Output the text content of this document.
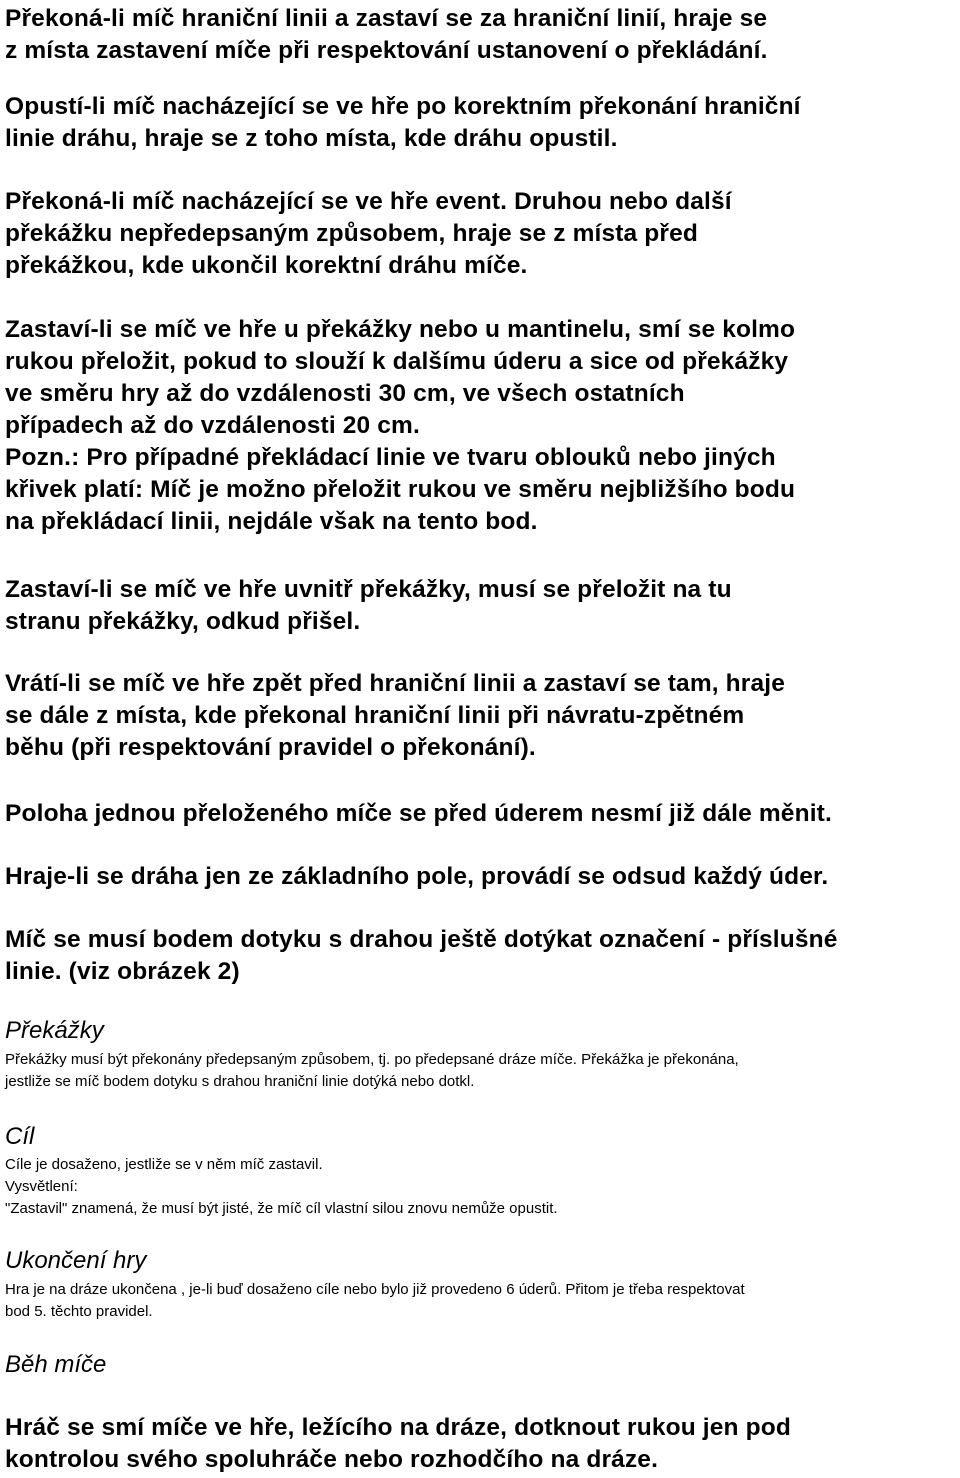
Překoná-li míč hraniční linii a zastaví se za hraniční linií, hraje se
z místa zastavení míče při respektování ustanovení o překládání.
Opustí-li míč nacházející se ve hře po korektním překonání hraniční
linie dráhu, hraje se z toho místa, kde dráhu opustil.
Překoná-li míč nacházející se ve hře event. Druhou nebo další
překážku nepředepsaným způsobem, hraje se z místa před
překážkou, kde ukončil korektní dráhu míče.
Zastaví-li se míč ve hře u překážky nebo u mantinelu, smí se kolmo
rukou přeložit, pokud to slouží k dalšímu úderu a sice od překážky
ve směru hry až do vzdálenosti 30 cm, ve všech ostatních
případech až do vzdálenosti 20 cm.
Pozn.: Pro případné překládací linie ve tvaru oblouků nebo jiných
křivek platí: Míč je možno přeložit rukou ve směru nejbližšího bodu
na překládací linii, nejdále však na tento bod.
Zastaví-li se míč ve hře uvnitř překážky, musí se přeložit na tu
stranu překážky, odkud přišel.
Vrátí-li se míč ve hře zpět před hraniční linii a zastaví se tam, hraje
se dále z místa, kde překonal hraniční linii při návratu-zpětném
běhu (při respektování pravidel o překonání).
Poloha jednou přeloženého míče se před úderem nesmí již dále měnit.
Hraje-li se dráha jen ze základního pole, provádí se odsud každý úder.
Míč se musí bodem dotyku s drahou ještě dotýkat označení - příslušné
linie. (viz obrázek 2)
Překážky
Překážky musí být překonány předepsaným způsobem, tj. po předepsané dráze míče. Překážka je překonána,
jestliže se míč bodem dotyku s drahou hraniční linie dotýká nebo dotkl.
Cíl
Cíle je dosaženo, jestliže se v něm míč zastavil.
Vysvětlení:
"Zastavil" znamená, že musí být jisté, že míč cíl vlastní silou znovu nemůže opustit.
Ukončení hry
Hra je na dráze ukončena , je-li buď dosaženo cíle nebo bylo již provedeno 6 úderů. Přitom je třeba respektovat
bod 5. těchto pravidel.
Běh míče
Hráč se smí míče ve hře, ležícího na dráze, dotknout rukou jen pod
kontrolou svého spoluhráče nebo rozhodčího na dráze.
